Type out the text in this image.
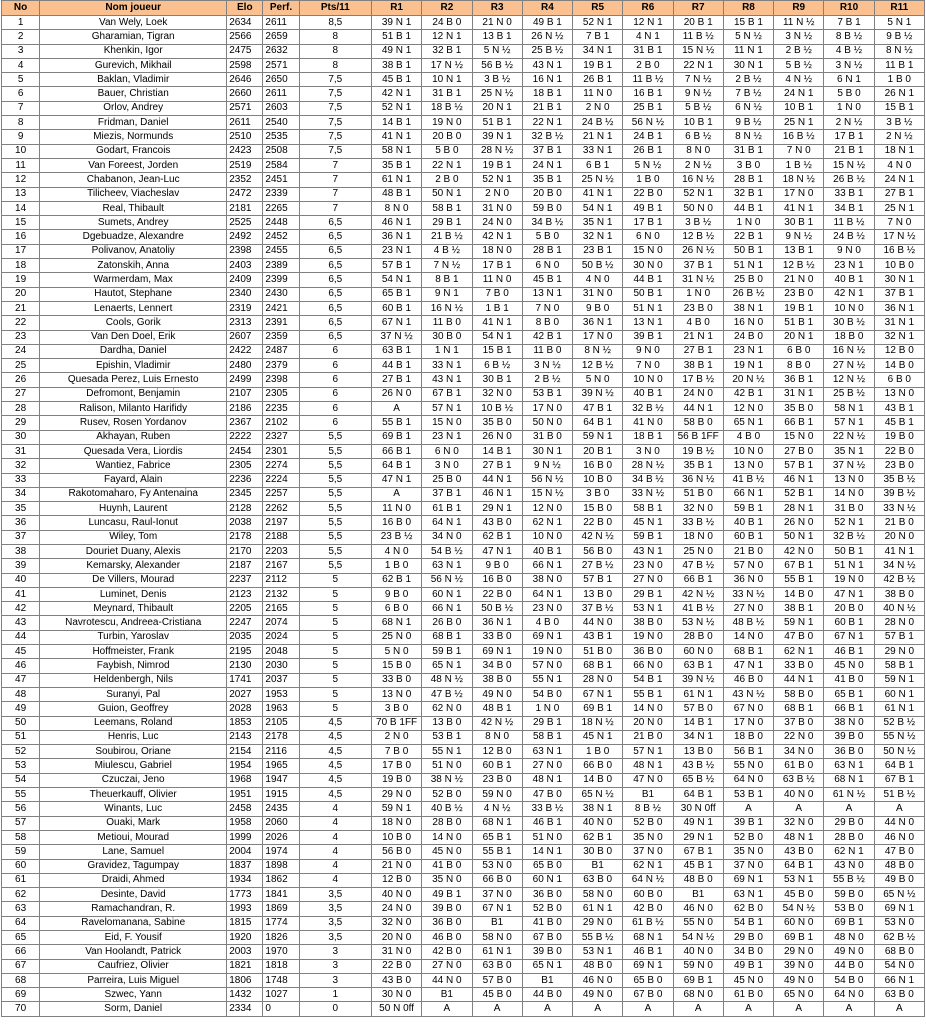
No	Nom joueur	Elo	Perf.	Pts/11	R1	R2	R3	R4	R5	R6	R7	R8	R9	R10	R11
1	Van Wely, Loek	2634	2611	8,5	39 N 1	24 B 0	21 N 0	49 B 1	52 N 1	12 N 1	20 B 1	15 B 1	11 N ½	7 B 1	5 N 1
2	Gharamian, Tigran	2566	2659	8	51 B 1	12 N 1	13 B 1	26 N ½	7 B 1	4 N 1	11 B ½	5 N ½	3 N ½	8 B ½	9 B ½
3	Khenkin, Igor	2475	2632	8	49 N 1	32 B 1	5 N ½	25 B ½	34 N 1	31 B 1	15 N ½	11 N 1	2 B ½	4 B ½	8 N ½
4	Gurevich, Mikhail	2598	2571	8	38 B 1	17 N ½	56 B ½	43 N 1	19 B 1	2 B 0	22 N 1	30 N 1	5 B ½	3 N ½	11 B 1
5	Baklan, Vladimir	2646	2650	7,5	45 B 1	10 N 1	3 B ½	16 N 1	26 B 1	11 B ½	7 N ½	2 B ½	4 N ½	6 N 1	1 B 0
6	Bauer, Christian	2660	2611	7,5	42 N 1	31 B 1	25 N ½	18 B 1	11 N 0	16 B 1	9 N ½	7 B ½	24 N 1	5 B 0	26 N 1
7	Orlov, Andrey	2571	2603	7,5	52 N 1	18 B ½	20 N 1	21 B 1	2 N 0	25 B 1	5 B ½	6 N ½	10 B 1	1 N 0	15 B 1
8	Fridman, Daniel	2611	2540	7,5	14 B 1	19 N 0	51 B 1	22 N 1	24 B ½	56 N ½	10 B 1	9 B ½	25 N 1	2 N ½	3 B ½
9	Miezis, Normunds	2510	2535	7,5	41 N 1	20 B 0	39 N 1	32 B ½	21 N 1	24 B 1	6 B ½	8 N ½	16 B ½	17 B 1	2 N ½
10	Godart, Francois	2423	2508	7,5	58 N 1	5 B 0	28 N ½	37 B 1	33 N 1	26 B 1	8 N 0	31 B 1	7 N 0	21 B 1	18 N 1
11	Van Foreest, Jorden	2519	2584	7	35 B 1	22 N 1	19 B 1	24 N 1	6 B 1	5 N ½	2 N ½	3 B 0	1 B ½	15 N ½	4 N 0
12	Chabanon, Jean-Luc	2352	2451	7	61 N 1	2 B 0	52 N 1	35 B 1	25 N ½	1 B 0	16 N ½	28 B 1	18 N ½	26 B ½	24 N 1
13	Tilicheev, Viacheslav	2472	2339	7	48 B 1	50 N 1	2 N 0	20 B 0	41 N 1	22 B 0	52 N 1	32 B 1	17 N 0	33 B 1	27 B 1
14	Real, Thibault	2181	2265	7	8 N 0	58 B 1	31 N 0	59 B 0	54 N 1	49 B 1	50 N 0	44 B 1	41 N 1	34 B 1	25 N 1
15	Sumets, Andrey	2525	2448	6,5	46 N 1	29 B 1	24 N 0	34 B ½	35 N 1	17 B 1	3 B ½	1 N 0	30 B 1	11 B ½	7 N 0
16	Dgebuadze, Alexandre	2492	2452	6,5	36 N 1	21 B ½	42 N 1	5 B 0	32 N 1	6 N 0	12 B ½	22 B 1	9 N ½	24 B ½	17 N ½
17	Polivanov, Anatoliy	2398	2455	6,5	23 N 1	4 B ½	18 N 0	28 B 1	23 B 1	15 N 0	26 N ½	50 B 1	13 B 1	9 N 0	16 B ½
18	Zatonskih, Anna	2403	2389	6,5	57 B 1	7 N ½	17 B 1	6 N 0	50 B ½	30 N 0	37 B 1	51 N 1	12 B ½	23 N 1	10 B 0
19	Warmerdam, Max	2409	2399	6,5	54 N 1	8 B 1	11 N 0	45 B 1	4 N 0	44 B 1	31 N ½	25 B 0	21 N 0	40 B 1	30 N 1
20	Hautot, Stephane	2340	2430	6,5	65 B 1	9 N 1	7 B 0	13 N 1	31 N 0	50 B 1	1 N 0	26 B ½	23 B 0	42 N 1	37 B 1
21	Lenaerts, Lennert	2319	2421	6,5	60 B 1	16 N ½	1 B 1	7 N 0	9 B 0	51 N 1	23 B 0	38 N 1	19 B 1	10 N 0	36 N 1
22	Cools, Gorik	2313	2391	6,5	67 N 1	11 B 0	41 N 1	8 B 0	36 N 1	13 N 1	4 B 0	16 N 0	51 B 1	30 B ½	31 N 1
23	Van Den Doel, Erik	2607	2359	6,5	37 N ½	30 B 0	54 N 1	42 B 1	17 N 0	39 B 1	21 N 1	24 B 0	20 N 1	18 B 0	32 N 1
24	Dardha, Daniel	2422	2487	6	63 B 1	1 N 1	15 B 1	11 B 0	8 N ½	9 N 0	27 B 1	23 N 1	6 B 0	16 N ½	12 B 0
25	Epishin, Vladimir	2480	2379	6	44 B 1	33 N 1	6 B ½	3 N ½	12 B ½	7 N 0	38 B 1	19 N 1	8 B 0	27 N ½	14 B 0
26	Quesada Perez, Luis Ernesto	2499	2398	6	27 B 1	43 N 1	30 B 1	2 B ½	5 N 0	10 N 0	17 B ½	20 N ½	36 B 1	12 N ½	6 B 0
27	Defromont, Benjamin	2107	2305	6	26 N 0	67 B 1	32 N 0	53 B 1	39 N ½	40 B 1	24 N 0	42 B 1	31 N 1	25 B ½	13 N 0
28	Ralison, Milanto Harifidy	2186	2235	6	A	57 N 1	10 B ½	17 N 0	47 B 1	32 B ½	44 N 1	12 N 0	35 B 0	58 N 1	43 B 1
29	Rusev, Rosen Yordanov	2367	2102	6	55 B 1	15 N 0	35 B 0	50 N 0	64 B 1	41 N 0	58 B 0	65 N 1	66 B 1	57 N 1	45 B 1
30	Akhayan, Ruben	2222	2327	5,5	69 B 1	23 N 1	26 N 0	31 B 0	59 N 1	18 B 1	56 B 1FF	4 B 0	15 N 0	22 N ½	19 B 0
31	Quesada Vera, Liordis	2454	2301	5,5	66 B 1	6 N 0	14 B 1	30 N 1	20 B 1	3 N 0	19 B ½	10 N 0	27 B 0	35 N 1	22 B 0
32	Wantiez, Fabrice	2305	2274	5,5	64 B 1	3 N 0	27 B 1	9 N ½	16 B 0	28 N ½	35 B 1	13 N 0	57 B 1	37 N ½	23 B 0
33	Fayard, Alain	2236	2224	5,5	47 N 1	25 B 0	44 N 1	56 N ½	10 B 0	34 B ½	36 N ½	41 B ½	46 N 1	13 N 0	35 B ½
34	Rakotomaharo, Fy Antenaina	2345	2257	5,5	A	37 B 1	46 N 1	15 N ½	3 B 0	33 N ½	51 B 0	66 N 1	52 B 1	14 N 0	39 B ½
35	Huynh, Laurent	2128	2262	5,5	11 N 0	61 B 1	29 N 1	12 N 0	15 B 0	58 B 1	32 N 0	59 B 1	28 N 1	31 B 0	33 N ½
36	Luncasu, Raul-Ionut	2038	2197	5,5	16 B 0	64 N 1	43 B 0	62 N 1	22 B 0	45 N 1	33 B ½	40 B 1	26 N 0	52 N 1	21 B 0
37	Wiley, Tom	2178	2188	5,5	23 B ½	34 N 0	62 B 1	10 N 0	42 N ½	59 B 1	18 N 0	60 B 1	50 N 1	32 B ½	20 N 0
38	Douriet Duany, Alexis	2170	2203	5,5	4 N 0	54 B ½	47 N 1	40 B 1	56 B 0	43 N 1	25 N 0	21 B 0	42 N 0	50 B 1	41 N 1
39	Kemarsky, Alexander	2187	2167	5,5	1 B 0	63 N 1	9 B 0	66 N 1	27 B ½	23 N 0	47 B ½	57 N 0	67 B 1	51 N 1	34 N ½
40	De Villers, Mourad	2237	2112	5	62 B 1	56 N ½	16 B 0	38 N 0	57 B 1	27 N 0	66 B 1	36 N 0	55 B 1	19 N 0	42 B ½
41	Luminet, Denis	2123	2132	5	9 B 0	60 N 1	22 B 0	64 N 1	13 B 0	29 B 1	42 N ½	33 N ½	14 B 0	47 N 1	38 B 0
42	Meynard, Thibault	2205	2165	5	6 B 0	66 N 1	50 B ½	23 N 0	37 B ½	53 N 1	41 B ½	27 N 0	38 B 1	20 B 0	40 N ½
43	Navrotescu, Andreea-Cristiana	2247	2074	5	68 N 1	26 B 0	36 N 1	4 B 0	44 N 0	38 B 0	53 N ½	48 B ½	59 N 1	60 B 1	28 N 0
44	Turbin, Yaroslav	2035	2024	5	25 N 0	68 B 1	33 B 0	69 N 1	43 B 1	19 N 0	28 B 0	14 N 0	47 B 0	67 N 1	57 B 1
45	Hoffmeister, Frank	2195	2048	5	5 N 0	59 B 1	69 N 1	19 N 0	51 B 0	36 B 0	60 N 0	68 B 1	62 N 1	46 B 1	29 N 0
46	Faybish, Nimrod	2130	2030	5	15 B 0	65 N 1	34 B 0	57 N 0	68 B 1	66 N 0	63 B 1	47 N 1	33 B 0	45 N 0	58 B 1
47	Heldenbergh, Nils	1741	2037	5	33 B 0	48 N ½	38 B 0	55 N 1	28 N 0	54 B 1	39 N ½	46 B 0	44 N 1	41 B 0	59 N 1
48	Suranyi, Pal	2027	1953	5	13 N 0	47 B ½	49 N 0	54 B 0	67 N 1	55 B 1	61 N 1	43 N ½	58 B 0	65 B 1	60 N 1
49	Guion, Geoffrey	2028	1963	5	3 B 0	62 N 0	48 B 1	1 N 0	69 B 1	14 N 0	57 B 0	67 N 0	68 B 1	66 B 1	61 N 1
50	Leemans, Roland	1853	2105	4,5	70 B 1FF	13 B 0	42 N ½	29 B 1	18 N ½	20 N 0	14 B 1	17 N 0	37 B 0	38 N 0	52 B ½
51	Henris, Luc	2143	2178	4,5	2 N 0	53 B 1	8 N 0	58 B 1	45 N 1	21 B 0	34 N 1	18 B 0	22 N 0	39 B 0	55 N ½
52	Soubirou, Oriane	2154	2116	4,5	7 B 0	55 N 1	12 B 0	63 N 1	1 B 0	57 N 1	13 B 0	56 B 1	34 N 0	36 B 0	50 N ½
53	Miulescu, Gabriel	1954	1965	4,5	17 B 0	51 N 0	60 B 1	27 N 0	66 B 0	48 N 1	43 B ½	55 N 0	61 B 0	63 N 1	64 B 1
54	Czuczai, Jeno	1968	1947	4,5	19 B 0	38 N ½	23 B 0	48 N 1	14 B 0	47 N 0	65 B ½	64 N 0	63 B ½	68 N 1	67 B 1
55	Theuerkauff, Olivier	1951	1915	4,5	29 N 0	52 B 0	59 N 0	47 B 0	65 N ½	B1	64 B 1	53 B 1	40 N 0	61 N ½	51 B ½
56	Winants, Luc	2458	2435	4	59 N 1	40 B ½	4 N ½	33 B ½	38 N 1	8 B ½	30 N 0ff	A	A	A	A
57	Ouaki, Mark	1958	2060	4	18 N 0	28 B 0	68 N 1	46 B 1	40 N 0	52 B 0	49 N 1	39 B 1	32 N 0	29 B 0	44 N 0
58	Metioui, Mourad	1999	2026	4	10 B 0	14 N 0	65 B 1	51 N 0	62 B 1	35 N 0	29 N 1	52 B 0	48 N 1	28 B 0	46 N 0
59	Lane, Samuel	2004	1974	4	56 B 0	45 N 0	55 B 1	14 N 1	30 B 0	37 N 0	67 B 1	35 N 0	43 B 0	62 N 1	47 B 0
60	Gravidez, Tagumpay	1837	1898	4	21 N 0	41 B 0	53 N 0	65 B 0	B1	62 N 1	45 B 1	37 N 0	64 B 1	43 N 0	48 B 0
61	Draidi, Ahmed	1934	1862	4	12 B 0	35 N 0	66 B 0	60 N 1	63 B 0	64 N ½	48 B 0	69 N 1	53 N 1	55 B ½	49 B 0
62	Desinte, David	1773	1841	3,5	40 N 0	49 B 1	37 N 0	36 B 0	58 N 0	60 B 0	B1	63 N 1	45 B 0	59 B 0	65 N ½
63	Ramachandran, R.	1993	1869	3,5	24 N 0	39 B 0	67 N 1	52 B 0	61 N 1	42 B 0	46 N 0	62 B 0	54 N ½	53 B 0	69 N 1
64	Ravelomanana, Sabine	1815	1774	3,5	32 N 0	36 B 0	B1	41 B 0	29 N 0	61 B ½	55 N 0	54 B 1	60 N 0	69 B 1	53 N 0
65	Eid, F. Yousif	1920	1826	3,5	20 N 0	46 B 0	58 N 0	67 B 0	55 B ½	68 N 1	54 N ½	29 B 0	69 B 1	48 N 0	62 B ½
66	Van Hoolandt, Patrick	2003	1970	3	31 N 0	42 B 0	61 N 1	39 B 0	53 N 1	46 B 1	40 N 0	34 B 0	29 N 0	49 N 0	68 B 0
67	Caufriez, Olivier	1821	1818	3	22 B 0	27 N 0	63 B 0	65 N 1	48 B 0	69 N 1	59 N 0	49 B 1	39 N 0	44 B 0	54 N 0
68	Parreira, Luis Miguel	1806	1748	3	43 B 0	44 N 0	57 B 0	B1	46 N 0	65 B 0	69 B 1	45 N 0	49 N 0	54 B 0	66 N 1
69	Szwec, Yann	1432	1027	1	30 N 0	B1	45 B 0	44 B 0	49 N 0	67 B 0	68 N 0	61 B 0	65 N 0	64 N 0	63 B 0
70	Sorm, Daniel	2334	0	0	50 N 0ff	A	A	A	A	A	A	A	A	A	A
